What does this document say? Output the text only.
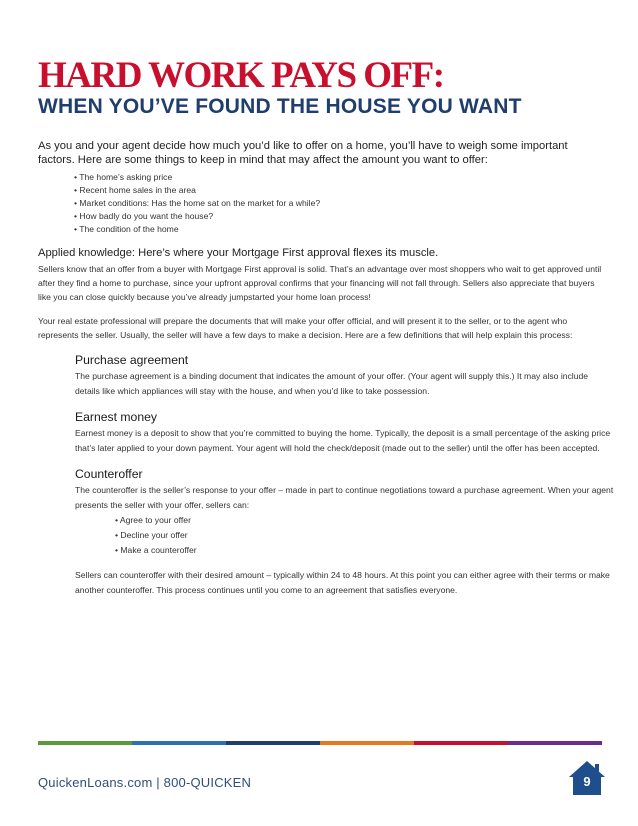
HARD WORK PAYS OFF:
WHEN YOU’VE FOUND THE HOUSE YOU WANT

As you and your agent decide how much you’d like to offer on a home, you’ll have to weigh some important factors. Here are some things to keep in mind that may affect the amount you want to offer:

• The home’s asking price
• Recent home sales in the area
• Market conditions: Has the home sat on the market for a while?
• How badly do you want the house?
• The condition of the home

Applied knowledge: Here’s where your Mortgage First approval flexes its muscle.

Sellers know that an offer from a buyer with Mortgage First approval is solid. That’s an advantage over most shoppers who wait to get approved until after they find a home to purchase, since your upfront approval confirms that your financing will not fall through. Sellers also appreciate that buyers like you can close quickly because you’ve already jumpstarted your home loan process!

Your real estate professional will prepare the documents that will make your offer official, and will present it to the seller, or to the agent who represents the seller. Usually, the seller will have a few days to make a decision. Here are a few definitions that will help explain this process:

Purchase agreement

The purchase agreement is a binding document that indicates the amount of your offer. (Your agent will supply this.) It may also include details like which appliances will stay with the house, and when you’d like to take possession.

Earnest money

Earnest money is a deposit to show that you’re committed to buying the home. Typically, the deposit is a small percentage of the asking price that’s later applied to your down payment. Your agent will hold the check/deposit (made out to the seller) until the offer has been accepted.

Counteroffer

The counteroffer is the seller’s response to your offer – made in part to continue negotiations toward a purchase agreement. When your agent presents the seller with your offer, sellers can:

• Agree to your offer
• Decline your offer
• Make a counteroffer

Sellers can counteroffer with their desired amount – typically within 24 to 48 hours. At this point you can either agree with their terms or make another counteroffer. This process continues until you come to an agreement that satisfies everyone.

QuickenLoans.com | 800-QUICKEN	9
